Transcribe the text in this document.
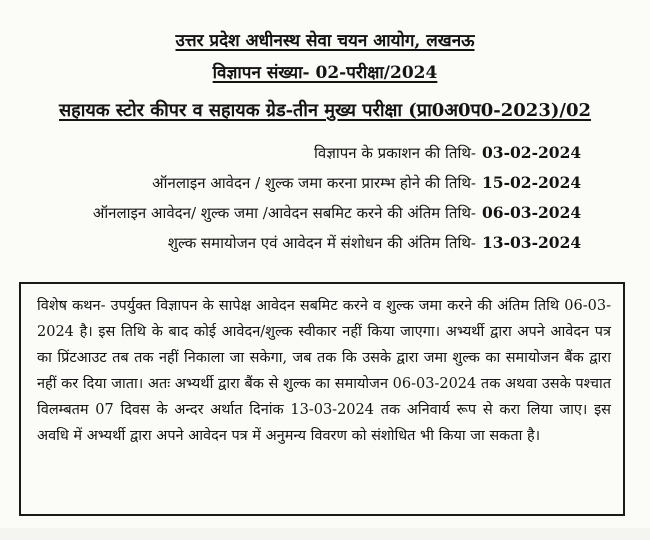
उत्तर प्रदेश अधीनस्थ सेवा चयन आयोग, लखनऊ
विज्ञापन संख्या- 02-परीक्षा/2024
सहायक स्टोर कीपर व सहायक ग्रेड-तीन मुख्य परीक्षा (प्रा0अ0प0-2023)/02
विज्ञापन के प्रकाशन की तिथि- 03-02-2024
ऑनलाइन आवेदन / शुल्क जमा करना प्रारम्भ होने की तिथि- 15-02-2024
ऑनलाइन आवेदन/ शुल्क जमा /आवेदन सबमिट करने की अंतिम तिथि- 06-03-2024
शुल्क समायोजन एवं आवेदन में संशोधन की अंतिम तिथि- 13-03-2024
विशेष कथन- उपर्युक्त विज्ञापन के सापेक्ष आवेदन सबमिट करने व शुल्क जमा करने की अंतिम तिथि 06-03-2024 है। इस तिथि के बाद कोई आवेदन/शुल्क स्वीकार नहीं किया जाएगा। अभ्यर्थी द्वारा अपने आवेदन पत्र का प्रिंटआउट तब तक नहीं निकाला जा सकेगा, जब तक कि उसके द्वारा जमा शुल्क का समायोजन बैंक द्वारा नहीं कर दिया जाता। अतः अभ्यर्थी द्वारा बैंक से शुल्क का समायोजन 06-03-2024 तक अथवा उसके पश्चात विलम्बतम 07 दिवस के अन्दर अर्थात दिनांक 13-03-2024 तक अनिवार्य रूप से करा लिया जाए। इस अवधि में अभ्यर्थी द्वारा अपने आवेदन पत्र में अनुमन्य विवरण को संशोधित भी किया जा सकता है।
